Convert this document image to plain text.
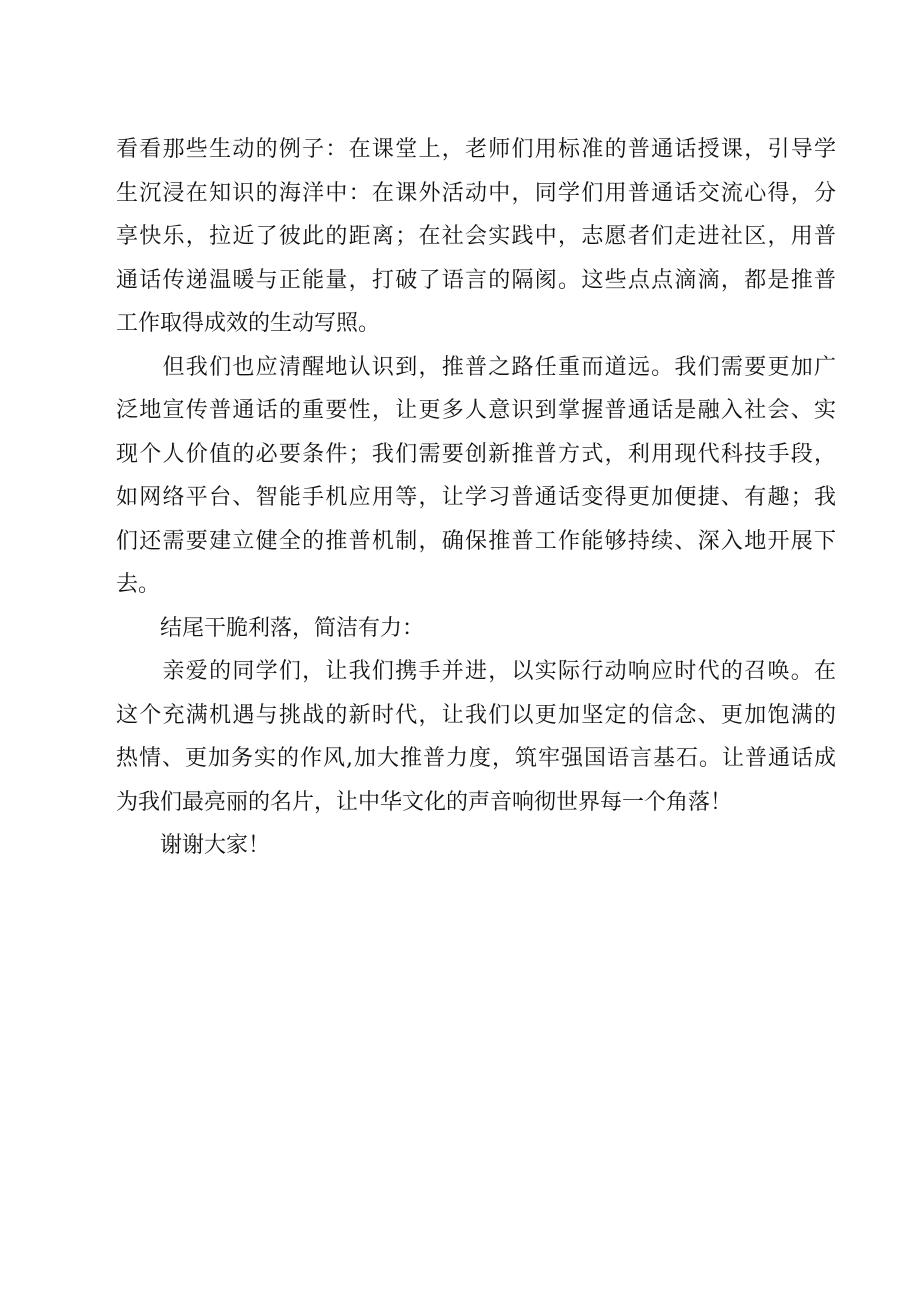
看看那些生动的例子：在课堂上，老师们用标准的普通话授课，引导学
生沉浸在知识的海洋中：在课外活动中，同学们用普通话交流心得，分
享快乐，拉近了彼此的距离；在社会实践中，志愿者们走进社区，用普
通话传递温暖与正能量，打破了语言的隔阂。这些点点滴滴，都是推普
工作取得成效的生动写照。
　　但我们也应清醒地认识到，推普之路任重而道远。我们需要更加广
泛地宣传普通话的重要性，让更多人意识到掌握普通话是融入社会、实
现个人价值的必要条件；我们需要创新推普方式，利用现代科技手段，
如网络平台、智能手机应用等，让学习普通话变得更加便捷、有趣；我
们还需要建立健全的推普机制，确保推普工作能够持续、深入地开展下
去。
　　结尾干脆利落，简洁有力：
　　亲爱的同学们，让我们携手并进，以实际行动响应时代的召唤。在
这个充满机遇与挑战的新时代，让我们以更加坚定的信念、更加饱满的
热情、更加务实的作风,加大推普力度，筑牢强国语言基石。让普通话成
为我们最亮丽的名片，让中华文化的声音响彻世界每一个角落！
　　谢谢大家！
